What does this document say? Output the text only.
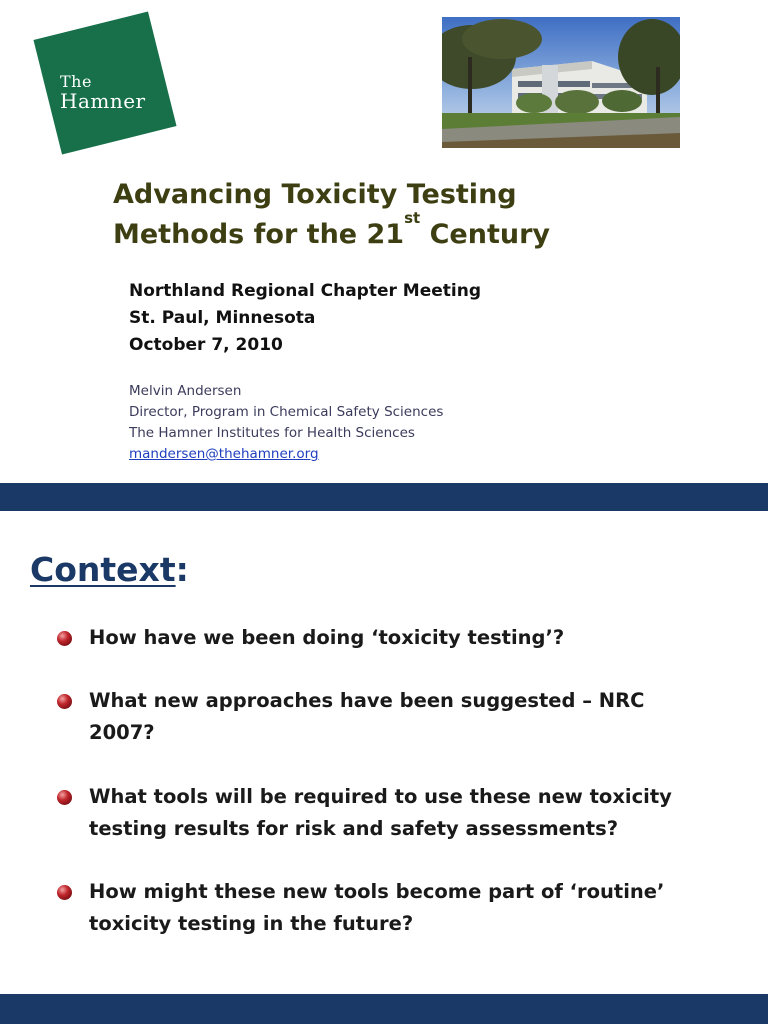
The
Hamner
Advancing Toxicity Testing
Methods for the 21st Century
Northland Regional Chapter Meeting
St. Paul, Minnesota
October 7, 2010
Melvin Andersen
Director, Program in Chemical Safety Sciences
The Hamner Institutes for Health Sciences
mandersen@thehamner.org
Context:
How have we been doing ‘toxicity testing’?
What new approaches have been suggested – NRC 2007?
What tools will be required to use these new toxicity testing results for risk and safety assessments?
How might these new tools become part of ‘routine’ toxicity testing in the future?
